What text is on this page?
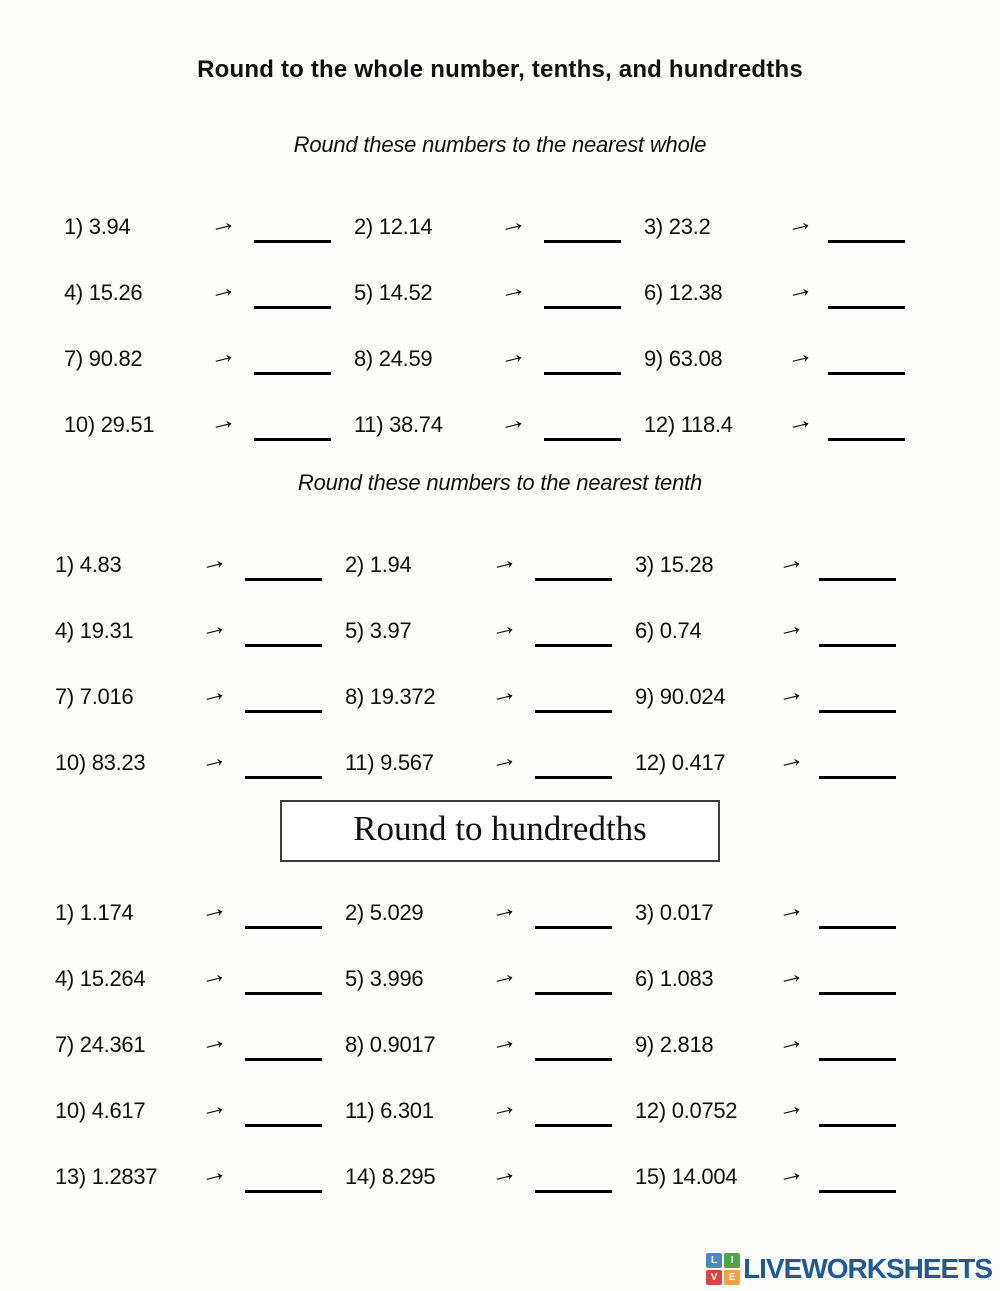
Round to the whole number, tenths, and hundredths
Round these numbers to the nearest whole
1) 3.94	→	2) 12.14	→	3) 23.2	→
4) 15.26	→	5) 14.52	→	6) 12.38	→
7) 90.82	→	8) 24.59	→	9) 63.08	→
10) 29.51	→	11) 38.74	→	12) 118.4	→
Round these numbers to the nearest tenth
1) 4.83	→	2) 1.94	→	3) 15.28	→
4) 19.31	→	5) 3.97	→	6) 0.74	→
7) 7.016	→	8) 19.372	→	9) 90.024	→
10) 83.23	→	11) 9.567	→	12) 0.417	→
Round to hundredths
1) 1.174	→	2) 5.029	→	3) 0.017	→
4) 15.264	→	5) 3.996	→	6) 1.083	→
7) 24.361	→	8) 0.9017	→	9) 2.818	→
10) 4.617	→	11) 6.301	→	12) 0.0752	→
13) 1.2837	→	14) 8.295	→	15) 14.004	→
L	I
V	E LIVEWORKSHEETS
